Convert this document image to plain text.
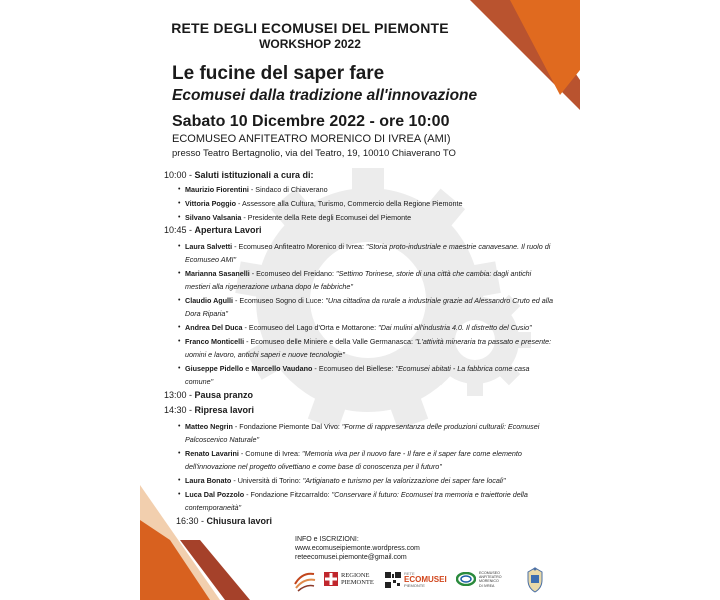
RETE DEGLI ECOMUSEI DEL PIEMONTE
WORKSHOP 2022
Le fucine del saper fare
Ecomusei dalla tradizione all'innovazione
Sabato 10 Dicembre 2022 - ore 10:00
ECOMUSEO ANFITEATRO MORENICO DI IVREA (AMI)
presso Teatro Bertagnolio, via del Teatro, 19, 10010 Chiaverano TO
10:00 - Saluti istituzionali a cura di:
• Maurizio Fiorentini - Sindaco di Chiaverano
• Vittoria Poggio - Assessore alla Cultura, Turismo, Commercio della Regione Piemonte
• Silvano Valsania - Presidente della Rete degli Ecomusei del Piemonte
10:45 - Apertura Lavori
• Laura Salvetti - Ecomuseo Anfiteatro Morenico di Ivrea: "Storia proto-industriale e maestrie canavesane. Il ruolo di Ecomuseo AMI"
• Marianna Sasanelli - Ecomuseo del Freidano: "Settimo Torinese, storie di una città che cambia: dagli antichi mestieri alla rigenerazione urbana dopo le fabbriche"
• Claudio Agulli - Ecomuseo Sogno di Luce: "Una cittadina da rurale a industriale grazie ad Alessandro Cruto ed alla Dora Riparia"
• Andrea Del Duca - Ecomuseo del Lago d'Orta e Mottarone: "Dai mulini all'industria 4.0. Il distretto del Cusio"
• Franco Monticelli - Ecomuseo delle Miniere e della Valle Germanasca: "L'attività mineraria tra passato e presente: uomini e lavoro, antichi saperi e nuove tecnologie"
• Giuseppe Pidello e Marcello Vaudano - Ecomuseo del Biellese: "Ecomusei abitati - La fabbrica come casa comune"
13:00 - Pausa pranzo
14:30 - Ripresa lavori
• Matteo Negrin - Fondazione Piemonte Dal Vivo: "Forme di rappresentanza delle produzioni culturali: Ecomusei Palcoscenico Naturale"
• Renato Lavarini - Comune di Ivrea: "Memoria viva per il nuovo fare - Il fare e il saper fare come elemento dell'innovazione nel progetto olivettiano e come base di conoscenza per il futuro"
• Laura Bonato - Università di Torino: "Artigianato e turismo per la valorizzazione dei saper fare locali"
• Luca Dal Pozzolo - Fondazione Fitzcarraldo: "Conservare il futuro: Ecomusei tra memoria e traiettorie della contemporaneità"
16:30 - Chiusura lavori
INFO e ISCRIZIONI:
www.ecomuseipiemonte.wordpress.com
reteecomusei.piemonte@gmail.com
REGIONE
PIEMONTE
RETE
ECOMUSEI
PIEMONTE
ECOMUSEO
ANFITEATRO
MORENICO
DI IVREA
